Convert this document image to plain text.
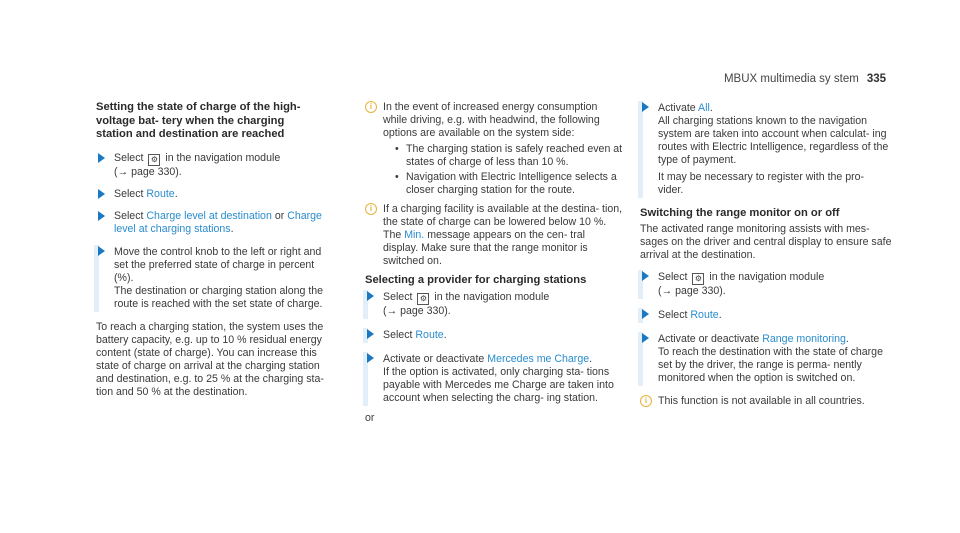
MBUX multimedia sy stem 335
Setting the state of charge of the high-voltage bat- tery when the charging station and destination are reached
Select ⚙ in the navigation module
(→ page 330).
Select Route.
Select Charge level at destination or Charge level at charging stations.
Move the control knob to the left or right and set the preferred state of charge in percent (%).
The destination or charging station along the route is reached with the set state of charge.

To reach a charging station, the system uses the battery capacity, e.g. up to 10 % residual energy content (state of charge). You can increase this state of charge on arrival at the charging station and destination, e.g. to 25 % at the charging sta- tion and 50 % at the destination.

i	In the event of increased energy consumption while driving, e.g. with headwind, the following options are available on the system side:
• The charging station is safely reached even at states of charge of less than 10 %.
• Navigation with Electric Intelligence selects a closer charging station for the route.
i	If a charging facility is available at the destina- tion, the state of charge can be lowered below 10 %. The Min. message appears on the cen- tral display. Make sure that the range monitor is switched on.
Selecting a provider for charging stations
Select ⚙ in the navigation module
(→ page 330).
Select Route.
Activate or deactivate Mercedes me Charge.
If the option is activated, only charging sta- tions payable with Mercedes me Charge are taken into account when selecting the charg- ing station.
or
Activate All.
All charging stations known to the navigation system are taken into account when calculat- ing routes with Electric Intelligence, regardless of the type of payment.
It may be necessary to register with the pro- vider.
Switching the range monitor on or off

The activated range monitoring assists with mes- sages on the driver and central display to ensure safe arrival at the destination.

Select ⚙ in the navigation module
(→ page 330).
Select Route.
Activate or deactivate Range monitoring.
To reach the destination with the state of charge set by the driver, the range is perma- nently monitored when the option is switched on.
i	This function is not available in all countries.
